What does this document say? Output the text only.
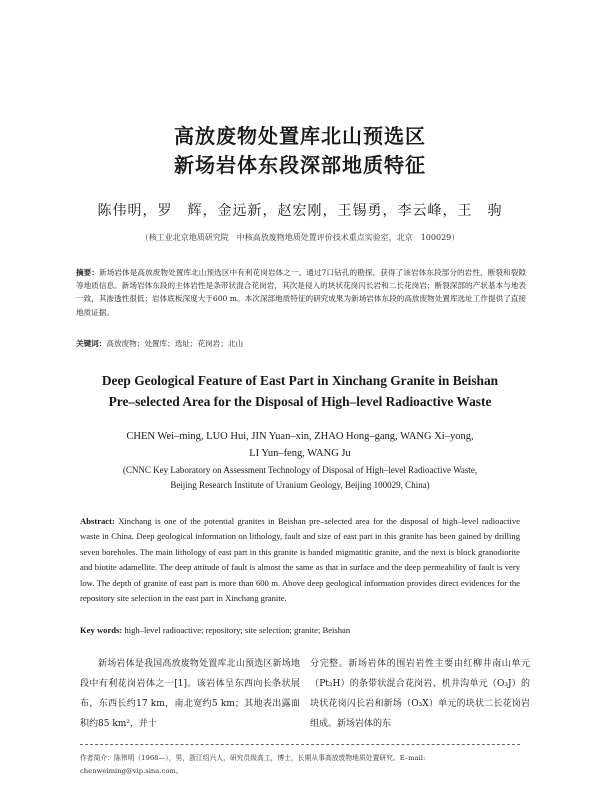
高放废物处置库北山预选区
新场岩体东段深部地质特征
陈伟明，罗　辉，金远新，赵宏刚，王锡勇，李云峰，王　驹
（核工业北京地质研究院　中核高放废物地质处置评价技术重点实验室，北京　100029）
摘要：新场岩体是高放废物处置库北山预选区中有利花岗岩体之一。通过7口钻孔的勘探，获得了该岩体东段部分的岩性、断裂和裂隙等地质信息。新场岩体东段的主体岩性是条带状混合花岗岩，其次是侵入的块状花岗闪长岩和二长花岗岩；断裂深部的产状基本与地表一致，其渗透性很低；岩体底板深度大于600 m。本次深部地质特征的研究成果为新场岩体东段的高放废物处置库选址工作提供了直接地质证据。
关键词：高放废物；处置库；选址；花岗岩；北山
Deep Geological Feature of East Part in Xinchang Granite in Beishan
Pre–selected Area for the Disposal of High–level Radioactive Waste
CHEN Wei–ming, LUO Hui, JIN Yuan–xin, ZHAO Hong–gang, WANG Xi–yong,
LI Yun–feng, WANG Ju
(CNNC Key Laboratory on Assessment Technology of Disposal of High–level Radioactive Waste,
Beijing Research Institute of Uranium Geology, Beijing 100029, China)
Abstract: Xinchang is one of the potential granites in Beishan pre–selected area for the disposal of high–level radioactive waste in China. Deep geological information on lithology, fault and size of east part in this granite has been gained by drilling seven boreholes. The main lithology of east part in this granite is banded migmatitic granite, and the next is block granodiorite and biotite adamellite. The deep attitude of fault is almost the same as that in surface and the deep permeability of fault is very low. The depth of granite of east part is more than 600 m. Above deep geological information provides direct evidences for the repository site selection in the east part in Xinchang granite.
Key words: high–level radioactive; repository; site selection; granite; Beishan
新场岩体是我国高放废物处置库北山预选区新场地段中有利花岗岩体之一[1]。该岩体呈东西向长条状展布，东西长约17 km，南北宽约5 km；其地表出露面积约85 km²，并十
分完整。新场岩体的围岩岩性主要由红柳井南山单元（Pt₂H）的条带状混合花岗岩、机井沟单元（O₃J）的块状花岗闪长岩和新场（O₃X）单元的块状二长花岗岩组成。新场岩体的东
作者简介：陈伟明（1968—），男，浙江绍兴人，研究员级高工，博士，长期从事高放废物地质处置研究。E–mail: chenweiming@vip.sina.com。
